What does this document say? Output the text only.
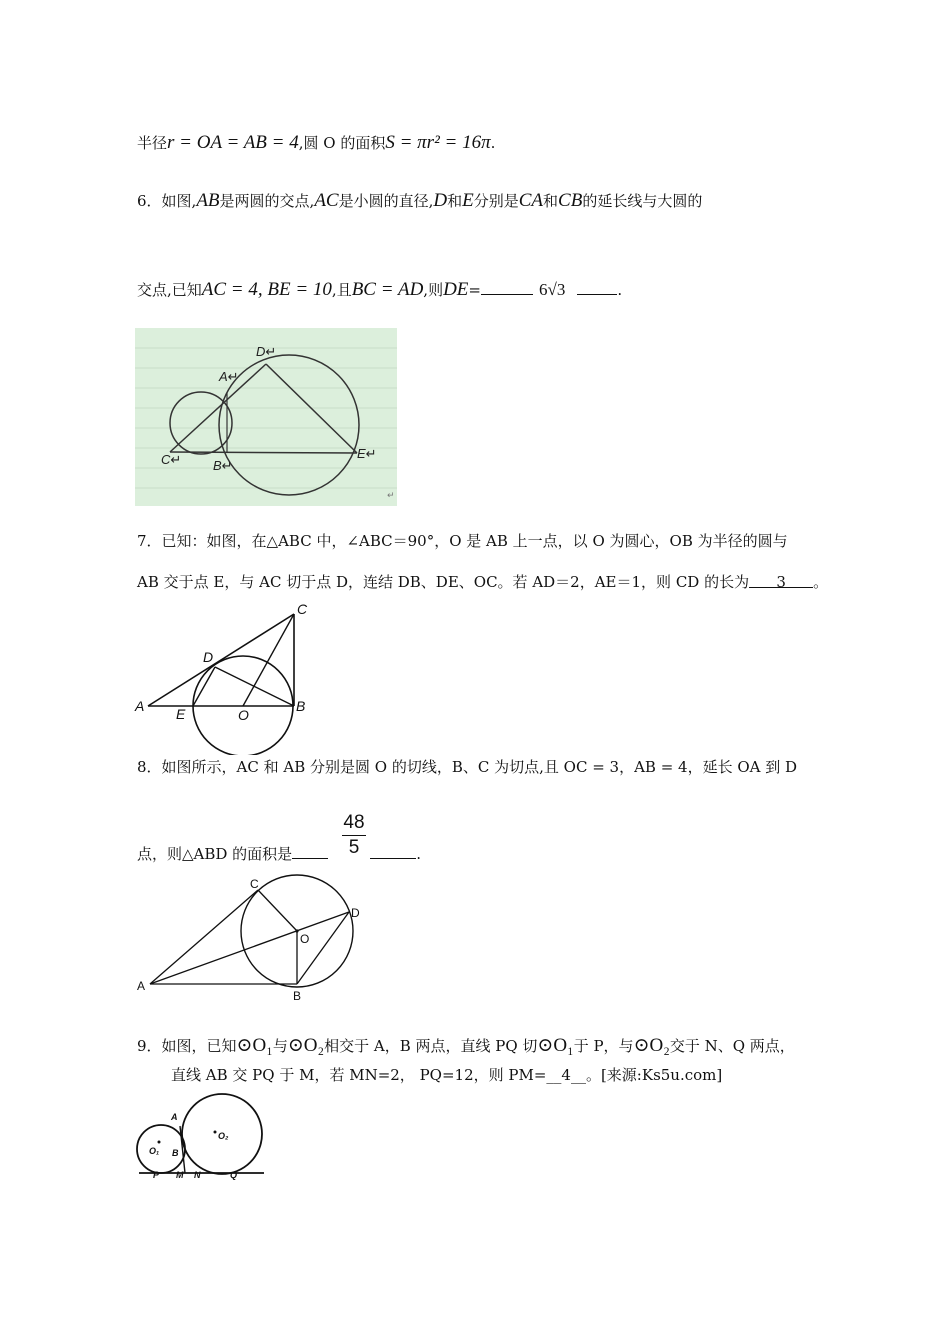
半径r = OA = AB = 4,圆 O 的面积S = πr² = 16π.
6．如图,AB是两圆的交点,AC是小圆的直径,D和E分别是CA和CB的延长线与大圆的
交点,已知AC = 4, BE = 10,且BC = AD,则DE=	6√3	.
D↵
A↵
C↵ B↵
E↵
↵
7．已知：如图，在△ABC 中，∠ABC＝90°，O 是 AB 上一点，以 O 为圆心，OB 为半径的圆与
AB 交于点 E，与 AC 切于点 D，连结 DB、DE、OC。若 AD＝2，AE＝1，则 CD 的长为 3 。
C
D
A E	O
B
8．如图所示，AC 和 AB 分别是圆 O 的切线，B、C 为切点,且 OC = 3，AB = 4，延长 OA 到 D
点，则△ABD 的面积是	.
48
5
C
D
O
A
B
9．如图，已知⊙O₁与⊙O₂相交于 A，B 两点，直线 PQ 切⊙O₁于 P，与⊙O₂交于 N、Q 两点，
直线 AB 交 PQ 于 M，若 MN=2， PQ=12，则 PM=__4__。[来源:Ks5u.com]
A
O₁ B
O₂
P M N	Q
